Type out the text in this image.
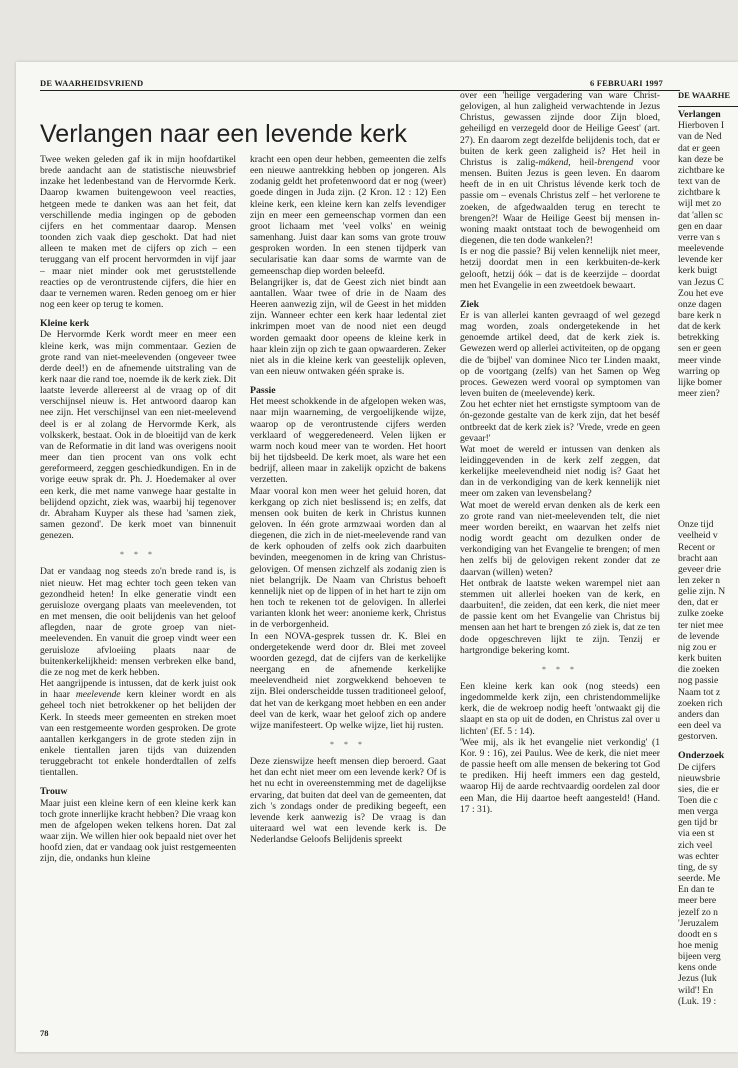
DE WAARHEIDSVRIEND	6 FEBRUARI 1997
Verlangen naar een levende kerk

Twee weken geleden gaf ik in mijn hoofdartikel brede aandacht aan de statistische nieuwsbrief inzake het ledenbestand van de Hervormde Kerk. Daarop kwamen buitengewoon veel reacties, hetgeen mede te danken was aan het feit, dat verschillende media ingingen op de geboden cijfers en het commentaar daarop. Mensen toonden zich vaak diep geschokt. Dat had niet alleen te maken met de cijfers op zich – een teruggang van elf procent hervormden in vijf jaar – maar niet minder ook met geruststellende reacties op de verontrustende cijfers, die hier en daar te vernemen waren. Reden genoeg om er hier nog een keer op terug te komen.

Kleine kerk

De Hervormde Kerk wordt meer en meer een kleine kerk, was mijn commentaar. Gezien de grote rand van niet-meelevenden (ongeveer twee derde deel!) en de afnemende uitstraling van de kerk naar die rand toe, noemde ik de kerk ziek. Dit laatste leverde allereerst al de vraag op of dit verschijnsel nieuw is. Het antwoord daarop kan nee zijn. Het verschijnsel van een niet-meelevend deel is er al zolang de Hervormde Kerk, als volkskerk, bestaat. Ook in de bloeitijd van de kerk van de Reformatie in dit land was overigens nooit meer dan tien procent van ons volk echt gereformeerd, zeggen geschiedkundigen. En in de vorige eeuw sprak dr. Ph. J. Hoedemaker al over een kerk, die met name vanwege haar gestalte in belijdend opzicht, ziek was, waarbij hij tegenover dr. Abraham Kuyper als these had 'samen ziek, samen gezond'. De kerk moet van binnenuit genezen.

* * *

Dat er vandaag nog steeds zo'n brede rand is, is niet nieuw. Het mag echter toch geen teken van gezondheid heten! In elke generatie vindt een geruisloze overgang plaats van meelevenden, tot en met mensen, die ooit belijdenis van het geloof aflegden, naar de grote groep van niet-meelevenden. En vanuit die groep vindt weer een geruisloze afvloeiing plaats naar de buitenkerkelijkheid: mensen verbreken elke band, die ze nog met de kerk hebben.

Het aangrijpende is intussen, dat de kerk juist ook in haar meelevende kern kleiner wordt en als geheel toch niet betrokkener op het belijden der Kerk. In steeds meer gemeenten en streken moet van een restgemeente worden gesproken. De grote aantallen kerkgangers in de grote steden zijn in enkele tientallen jaren tijds van duizenden teruggebracht tot enkele honderdtallen of zelfs tientallen.

Trouw

Maar juist een kleine kern of een kleine kerk kan toch grote innerlijke kracht hebben? Die vraag kon men de afgelopen weken telkens horen. Dat zal waar zijn. We willen hier ook bepaald niet over het hoofd zien, dat er vandaag ook juist restgemeenten zijn, die, ondanks hun kleine

kracht een open deur hebben, gemeenten die zelfs een nieuwe aantrekking hebben op jongeren. Als zodanig geldt het profetenwoord dat er nog (weer) goede dingen in Juda zijn. (2 Kron. 12 : 12) Een kleine kerk, een kleine kern kan zelfs levendiger zijn en meer een gemeenschap vormen dan een groot lichaam met 'veel volks' en weinig samenhang. Juist daar kan soms van grote trouw gesproken worden. In een stenen tijdperk van secularisatie kan daar soms de warmte van de gemeenschap diep worden beleefd.

Belangrijker is, dat de Geest zich niet bindt aan aantallen. Waar twee of drie in de Naam des Heeren aanwezig zijn, wil de Geest in het midden zijn. Wanneer echter een kerk haar ledental ziet inkrimpen moet van de nood niet een deugd worden gemaakt door opeens de kleine kerk in haar klein zijn op zich te gaan opwaarderen. Zeker niet als in die kleine kerk van geestelijk opleven, van een nieuw ontwaken géén sprake is.

Passie

Het meest schokkende in de afgelopen weken was, naar mijn waarneming, de vergoelijkende wijze, waarop op de verontrustende cijfers werden verklaard of weggeredeneerd. Velen lijken er warm noch koud meer van te worden. Het hoort bij het tijdsbeeld. De kerk moet, als ware het een bedrijf, alleen maar in zakelijk opzicht de bakens verzetten.

Maar vooral kon men weer het geluid horen, dat kerkgang op zich niet beslissend is; en zelfs, dat mensen ook buiten de kerk in Christus kunnen geloven. In één grote armzwaai worden dan al diegenen, die zich in de niet-meelevende rand van de kerk ophouden of zelfs ook zich daarbuiten bevinden, meegenomen in de kring van Christus-gelovigen. Of mensen zichzelf als zodanig zien is niet belangrijk. De Naam van Christus behoeft kennelijk niet op de lippen of in het hart te zijn om hen toch te rekenen tot de gelovigen. In allerlei varianten klonk het weer: anonieme kerk, Christus in de verborgenheid.

In een NOVA-gesprek tussen dr. K. Blei en ondergetekende werd door dr. Blei met zoveel woorden gezegd, dat de cijfers van de kerkelijke neergang en de afnemende kerkelijke meelevendheid niet zorgwekkend behoeven te zijn. Blei onderscheidde tussen traditioneel geloof, dat het van de kerkgang moet hebben en een ander deel van de kerk, waar het geloof zich op andere wijze manifesteert. Op welke wijze, liet hij rusten.

* * *

Deze zienswijze heeft mensen diep beroerd. Gaat het dan echt niet meer om een levende kerk? Of is het nu echt in overeenstemming met de dagelijkse ervaring, dat buiten dat deel van de gemeenten, dat zich 's zondags onder de prediking begeeft, een levende kerk aanwezig is? De vraag is dan uiteraard wel wat een levende kerk is. De Nederlandse Geloofs Belijdenis spreekt

over een 'heilige vergadering van ware Christ-gelovigen, al hun zaligheid verwachtende in Jezus Christus, gewassen zijnde door Zijn bloed, geheiligd en verzegeld door de Heilige Geest' (art. 27). En daarom zegt dezelfde belijdenis toch, dat er buiten de kerk geen zaligheid is? Het heil in Christus is zalig-mákend, heil-brengend voor mensen. Buiten Jezus is geen leven. En daarom heeft de in en uit Christus lévende kerk toch de passie om – evenals Christus zelf – het verlorene te zoeken, de afgedwaalden terug en terecht te brengen?! Waar de Heilige Geest bij mensen in-woning maakt ontstaat toch de bewogenheid om diegenen, die ten dode wankelen?!

Is er nog die passie? Bij velen kennelijk niet meer, hetzij doordat men in een kerkbuiten-de-kerk gelooft, hetzij óók – dat is de keerzijde – doordat men het Evangelie in een zweetdoek bewaart.

Ziek

Er is van allerlei kanten gevraagd of wel gezegd mag worden, zoals ondergetekende in het genoemde artikel deed, dat de kerk ziek is. Gewezen werd op allerlei activiteiten, op de opgang die de 'bijbel' van dominee Nico ter Linden maakt, op de voortgang (zelfs) van het Samen op Weg proces. Gewezen werd vooral op symptomen van leven buiten de (meelevende) kerk.

Zou het echter niet het ernstigste symptoom van de ón-gezonde gestalte van de kerk zijn, dat het beséf ontbreekt dat de kerk ziek is? 'Vrede, vrede en geen gevaar!'

Wat moet de wereld er intussen van denken als leidinggevenden in de kerk zelf zeggen, dat kerkelijke meelevendheid niet nodig is? Gaat het dan in de verkondiging van de kerk kennelijk niet meer om zaken van levensbelang?

Wat moet de wereld ervan denken als de kerk een zo grote rand van niet-meelevenden telt, die niet meer worden bereikt, en waarvan het zelfs niet nodig wordt geacht om dezulken onder de verkondiging van het Evangelie te brengen; of men hen zelfs bij de gelovigen rekent zonder dat ze daarvan (willen) weten?

Het ontbrak de laatste weken warempel niet aan stemmen uit allerlei hoeken van de kerk, en daarbuiten!, die zeiden, dat een kerk, die niet meer de passie kent om het Evangelie van Christus bij mensen aan het hart te brengen zó ziek is, dat ze ten dode opgeschreven lijkt te zijn. Tenzij er hartgrondige bekering komt.

* * *

Een kleine kerk kan ook (nog steeds) een ingedommelde kerk zijn, een christendommelijke kerk, die de wekroep nodig heeft 'ontwaakt gij die slaapt en sta op uit de doden, en Christus zal over u lichten' (Ef. 5 : 14).

'Wee mij, als ik het evangelie niet verkondig' (1 Kor. 9 : 16), zei Paulus. Wee de kerk, die niet meer de passie heeft om alle mensen de bekering tot God te prediken. Hij heeft immers een dag gesteld, waarop Hij de aarde rechtvaardig oordelen zal door een Man, die Hij daartoe heeft aangesteld! (Hand. 17 : 31).

DE WAARHE
Verlangen
Hierboven I
van de Ned
dat er geen
kan deze be
zichtbare ke
text van de
zichtbare k
wijl met zo
dat 'allen sc
gen en daar
verre van s
meelevende
levende ker
kerk buigt
van Jezus C
Zou het eve
onze dagen
bare kerk n
dat de kerk
betrekking
sen er geen
meer vinde
warring op
lijke bomer
meer zien?
Onze tijd
veelheid v
Recent or
bracht aan
geveer drie
len zeker n
gelie zijn. N
den, dat er
zulke zoeke
ter niet mee
de levende
nig zou er
kerk buiten
die zoeken
nog passie
Naam tot z
zoeken rich
anders dan
een deel va
gestorven.
Onderzoek
De cijfers
nieuwsbrie
sies, die er
Toen die c
men verga
gen tijd br
via een st
zich veel
was echter
ting, de sy
seerde. Me
En dan te
meer bere
jezelf zo n
'Jeruzalem
doodt en s
hoe menig
bijeen verg
kens onde
Jezus (luk
wild'! En
(Luk. 19 :
78
